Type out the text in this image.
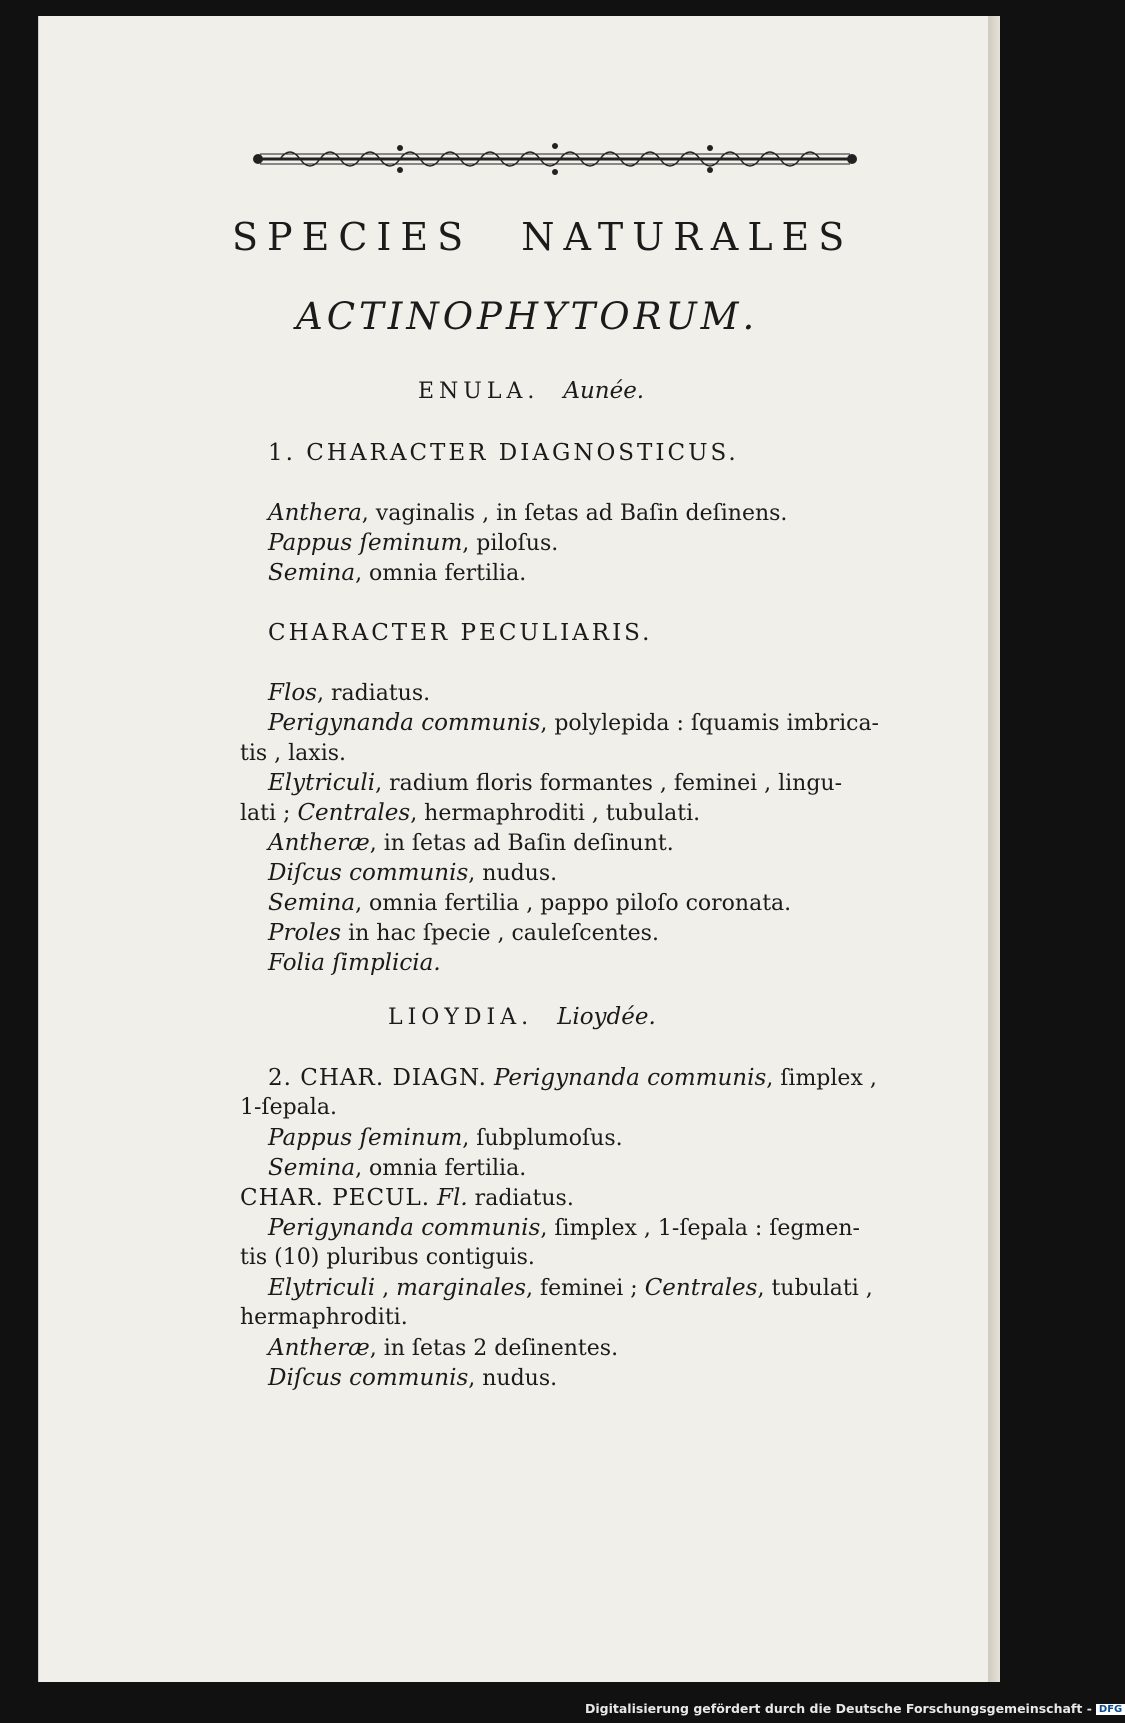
SPECIES NATURALES
ACTINOPHYTORUM.
ENULA. Aunée.
1. CHARACTER DIAGNOSTICUS.
Anthera, vaginalis , in ſetas ad Baſin deſinens.
Pappus ſeminum, piloſus.
Semina, omnia fertilia.
CHARACTER PECULIARIS.
Flos, radiatus.
Perigynanda communis, polylepida : ſquamis imbrica-
tis , laxis.
Elytriculi, radium floris formantes , feminei , lingu-
lati ; Centrales, hermaphroditi , tubulati.
Antheræ, in ſetas ad Baſin deſinunt.
Diſcus communis, nudus.
Semina, omnia fertilia , pappo piloſo coronata.
Proles in hac ſpecie , cauleſcentes.
Folia ſimplicia.
LIOYDIA. Lioydée.
2. CHAR. DIAGN. Perigynanda communis, ſimplex ,
1-ſepala.
Pappus ſeminum, ſubplumoſus.
Semina, omnia fertilia.
CHAR. PECUL. Fl. radiatus.
Perigynanda communis, ſimplex , 1-ſepala : ſegmen-
tis (10) pluribus contiguis.
Elytriculi , marginales, feminei ; Centrales, tubulati ,
hermaphroditi.
Antheræ, in ſetas 2 deſinentes.
Diſcus communis, nudus.
Digitalisierung gefördert durch die Deutsche Forschungsgemeinschaft - DFG
